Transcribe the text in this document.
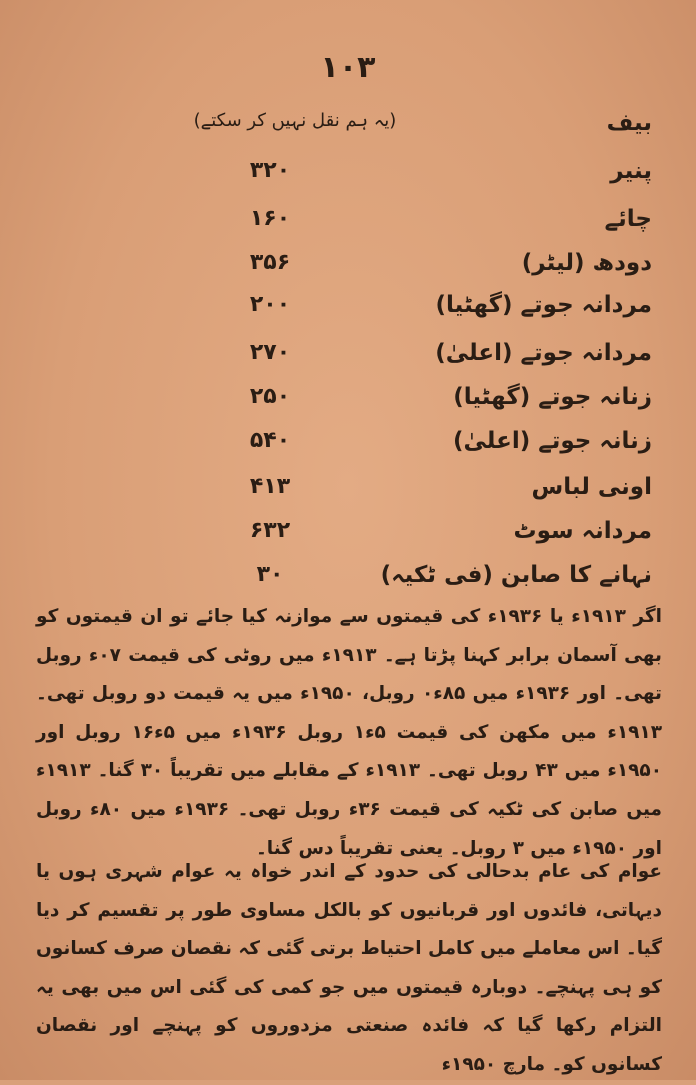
۱۰۳
بیف
(یہ ہم نقل نہیں کر سکتے)
پنیر
۳۲۰
چائے
۱۶۰
دودھ (لیٹر)
۳۵۶
مردانہ جوتے (گھٹیا)
۲۰۰
مردانہ جوتے (اعلیٰ)
۲۷۰
زنانہ جوتے (گھٹیا)
۲۵۰
زنانہ جوتے (اعلیٰ)
۵۴۰
اونی لباس
۴۱۳
مردانہ سوٹ
۶۳۲
نہانے کا صابن (فی ٹکیہ)
۳۰
اگر ۱۹۱۳ء یا ۱۹۳۶ء کی قیمتوں سے موازنہ کیا جائے تو ان قیمتوں کو بھی آسمان برابر کہنا پڑتا ہے۔ ۱۹۱۳ء میں روٹی کی قیمت ۰۷ء روبل تھی۔ اور ۱۹۳۶ء میں ۸۵ء۰ روبل، ۱۹۵۰ء میں یہ قیمت دو روبل تھی۔ ۱۹۱۳ء میں مکھن کی قیمت ۵ء۱ روبل ۱۹۳۶ء میں ۵ء۱۶ روبل اور ۱۹۵۰ء میں ۴۳ روبل تھی۔ ۱۹۱۳ء کے مقابلے میں تقریباً ۳۰ گنا۔ ۱۹۱۳ء میں صابن کی ٹکیہ کی قیمت ۳۶ء روبل تھی۔ ۱۹۳۶ء میں ۸۰ء روبل اور ۱۹۵۰ء میں ۳ روبل۔ یعنی تقریباً دس گنا۔
عوام کی عام بدحالی کی حدود کے اندر خواہ یہ عوام شہری ہوں یا دیہاتی، فائدوں اور قربانیوں کو بالکل مساوی طور پر تقسیم کر دیا گیا۔ اس معاملے میں کامل احتیاط برتی گئی کہ نقصان صرف کسانوں کو ہی پہنچے۔ دوبارہ قیمتوں میں جو کمی کی گئی اس میں بھی یہ التزام رکھا گیا کہ فائدہ صنعتی مزدوروں کو پہنچے اور نقصان کسانوں کو۔ مارچ ۱۹۵۰ء
